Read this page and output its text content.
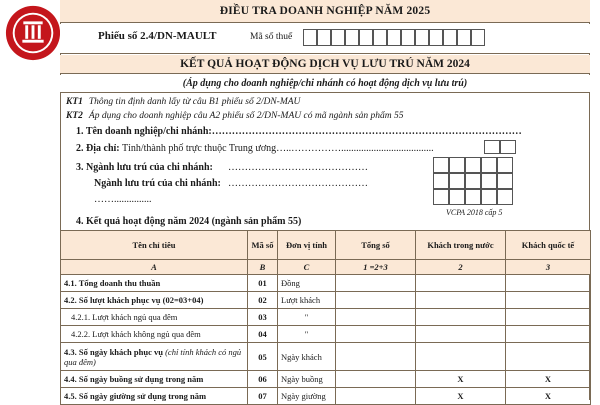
ĐIỀU TRA DOANH NGHIỆP NĂM 2025
Phiếu số 2.4/DN-MAULT	Mã số thuế
KẾT QUẢ HOẠT ĐỘNG DỊCH VỤ LƯU TRÚ NĂM 2024
(Áp dụng cho doanh nghiệp/chi nhánh có hoạt động dịch vụ lưu trú)
KT1 Thông tin định danh lấy từ câu B1 phiếu số 2/DN-MAU
KT2 Áp dụng cho doanh nghiệp câu A2 phiếu số 2/DN-MAU có mã ngành sản phẩm 55
1. Tên doanh nghiệp/chi nhánh:…………………………………………………………………………………
2. Địa chỉ: Tỉnh/thành phố trực thuộc Trung ương…..…………….....................................
3. Ngành lưu trú của chi nhánh: ……………………………………
Ngành lưu trú của chi nhánh: ……………………………………
……...............
VCPA 2018 cấp 5
4. Kết quả hoạt động năm 2024 (ngành sản phẩm 55)
Tên chỉ tiêu	Mã số	Đơn vị tính	Tổng số	Khách trong nước	Khách quốc tế
A	B	C	1 =2+3	2	3
4.1. Tổng doanh thu thuần	01	Đồng			
4.2. Số lượt khách phục vụ (02=03+04)	02	Lượt khách			
4.2.1. Lượt khách ngủ qua đêm	03	"			
4.2.2. Lượt khách không ngủ qua đêm	04	"			
4.3. Số ngày khách phục vụ (chỉ tính khách có ngủ qua đêm)	05	Ngày khách			
4.4. Số ngày buồng sử dụng trong năm	06	Ngày buồng		X	X
4.5. Số ngày giường sử dụng trong năm	07	Ngày giường		X	X
